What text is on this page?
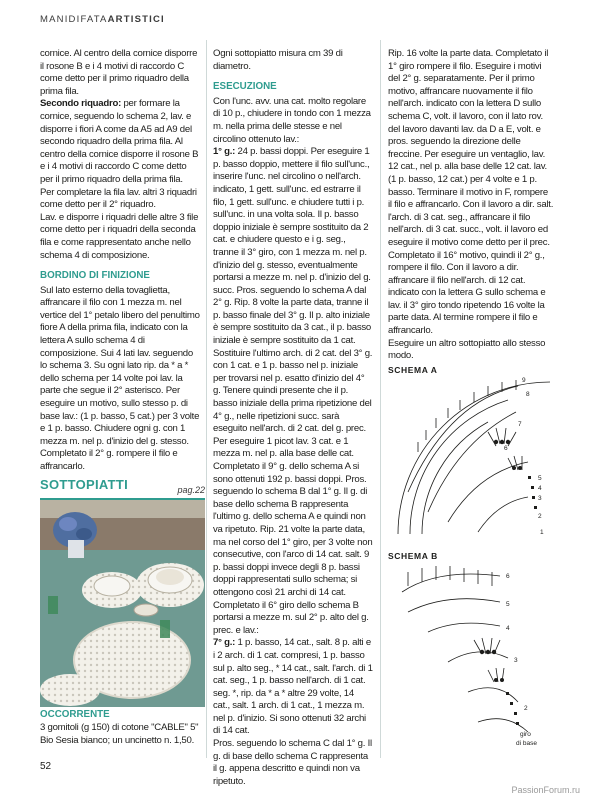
MANIDIFATAARTISTICI

cornice. Al centro della cornice disporre il rosone B e i 4 motivi di raccordo C come detto per il primo riquadro della prima fila.

Secondo riquadro: per formare la cornice, seguendo lo schema 2, lav. e disporre i fiori A come da A5 ad A9 del secondo riquadro della prima fila. Al centro della cornice disporre il rosone B e i 4 motivi di raccordo C come detto per il primo riquadro della prima fila.

Per completare la fila lav. altri 3 riquadri come detto per il 2° riquadro.

Lav. e disporre i riquadri delle altre 3 file come detto per i riquadri della seconda fila e come rappresentato anche nello schema 4 di composizione.

BORDINO DI FINIZIONE

Sul lato esterno della tovaglietta, affrancare il filo con 1 mezza m. nel vertice del 1° petalo libero del penultimo fiore A della prima fila, indicato con la lettera A sullo schema 4 di composizione. Sui 4 lati lav. seguendo lo schema 3. Su ogni lato rip. da * a * dello schema per 14 volte poi lav. la parte che segue il 2° asterisco. Per eseguire un motivo, sullo stesso p. di base lav.: (1 p. basso, 5 cat.) per 3 volte e 1 p. basso. Chiudere ogni g. con 1 mezza m. nel p. d'inizio del g. stesso. Completato il 2° g. rompere il filo e affrancarlo.

SOTTOPIATTI	pag.22
OCCORRENTE

3 gomitoli (g 150) di cotone "CABLE" 5" Bio Sesia bianco; un uncinetto n. 1,50.

Ogni sottopiatto misura cm 39 di diametro.

ESECUZIONE

Con l'unc. avv. una cat. molto regolare di 10 p., chiudere in tondo con 1 mezza m. nella prima delle stesse e nel circolino ottenuto lav.:

1° g.: 24 p. bassi doppi. Per eseguire 1 p. basso doppio, mettere il filo sull'unc., inserire l'unc. nel circolino o nell'arch. indicato, 1 gett. sull'unc. ed estrarre il filo, 1 gett. sull'unc. e chiudere tutti i p. sull'unc. in una volta sola. Il p. basso doppio iniziale è sempre sostituito da 2 cat. e chiudere questo e i g. seg., tranne il 3° giro, con 1 mezza m. nel p. d'inizio del g. stesso, eventualmente portarsi a mezze m. nel p. d'inizio del g. succ. Pros. seguendo lo schema A dal 2° g. Rip. 8 volte la parte data, tranne il p. basso finale del 3° g. Il p. alto iniziale è sempre sostituito da 3 cat., il p. basso iniziale è sempre sostituito da 1 cat. Sostituire l'ultimo arch. di 2 cat. del 3° g. con 1 cat. e 1 p. basso nel p. iniziale per trovarsi nel p. esatto d'inizio del 4° g. Tenere quindi presente che il p. basso iniziale della prima ripetizione del 4° g., nelle ripetizioni succ. sarà eseguito nell'arch. di 2 cat. del g. prec. Per eseguire 1 picot lav. 3 cat. e 1 mezza m. nel p. alla base delle cat. Completato il 9° g. dello schema A si sono ottenuti 192 p. bassi doppi. Pros. seguendo lo schema B dal 1° g. Il g. di base dello schema B rappresenta l'ultimo g. dello schema A e quindi non va ripetuto. Rip. 21 volte la parte data, ma nel corso del 1° giro, per 3 volte non consecutive, con l'arco di 14 cat. salt. 9 p. bassi doppi invece degli 8 p. bassi doppi rappresentati sullo schema; si ottengono così 21 archi di 14 cat. Completato il 6° giro dello schema B portarsi a mezze m. sul 2° p. alto del g. prec. e lav.:

7° g.: 1 p. basso, 14 cat., salt. 8 p. alti e i 2 arch. di 1 cat. compresi, 1 p. basso sul p. alto seg., * 14 cat., salt. l'arch. di 1 cat. seg., 1 p. basso nell'arch. di 1 cat. seg. *, rip. da * a * altre 29 volte, 14 cat., salt. 1 arch. di 1 cat., 1 mezza m. nel p. d'inizio. Si sono ottenuti 32 archi di 14 cat.

Pros. seguendo lo schema C dal 1° g. Il g. di base dello schema C rappresenta il g. appena descritto e quindi non va ripetuto.

Rip. 16 volte la parte data. Completato il 1° giro rompere il filo. Eseguire i motivi del 2° g. separatamente. Per il primo motivo, affrancare nuovamente il filo nell'arch. indicato con la lettera D sullo schema C, volt. il lavoro, con il lato rov. del lavoro davanti lav. da D a E, volt. e pros. seguendo la direzione delle freccine. Per eseguire un ventaglio, lav. 12 cat., nel p. alla base delle 12 cat. lav. (1 p. basso, 12 cat.) per 4 volte e 1 p. basso. Terminare il motivo in F, rompere il filo e affrancarlo. Con il lavoro a dir. salt. l'arch. di 3 cat. seg., affrancare il filo nell'arch. di 3 cat. succ., volt. il lavoro ed eseguire il motivo come detto per il prec. Completato il 16° motivo, quindi il 2° g., rompere il filo. Con il lavoro a dir. affrancare il filo nell'arch. di 12 cat. indicato con la lettera G sullo schema e lav. il 3° giro tondo ripetendo 16 volte la parte data. Al termine rompere il filo e affrancarlo.

Eseguire un altro sottopiatto allo stesso modo.

SCHEMA A
9
8
7
6
5
4
3
2
1
SCHEMA B
6
5
4
3
2
giro
di base
52
PassionForum.ru
